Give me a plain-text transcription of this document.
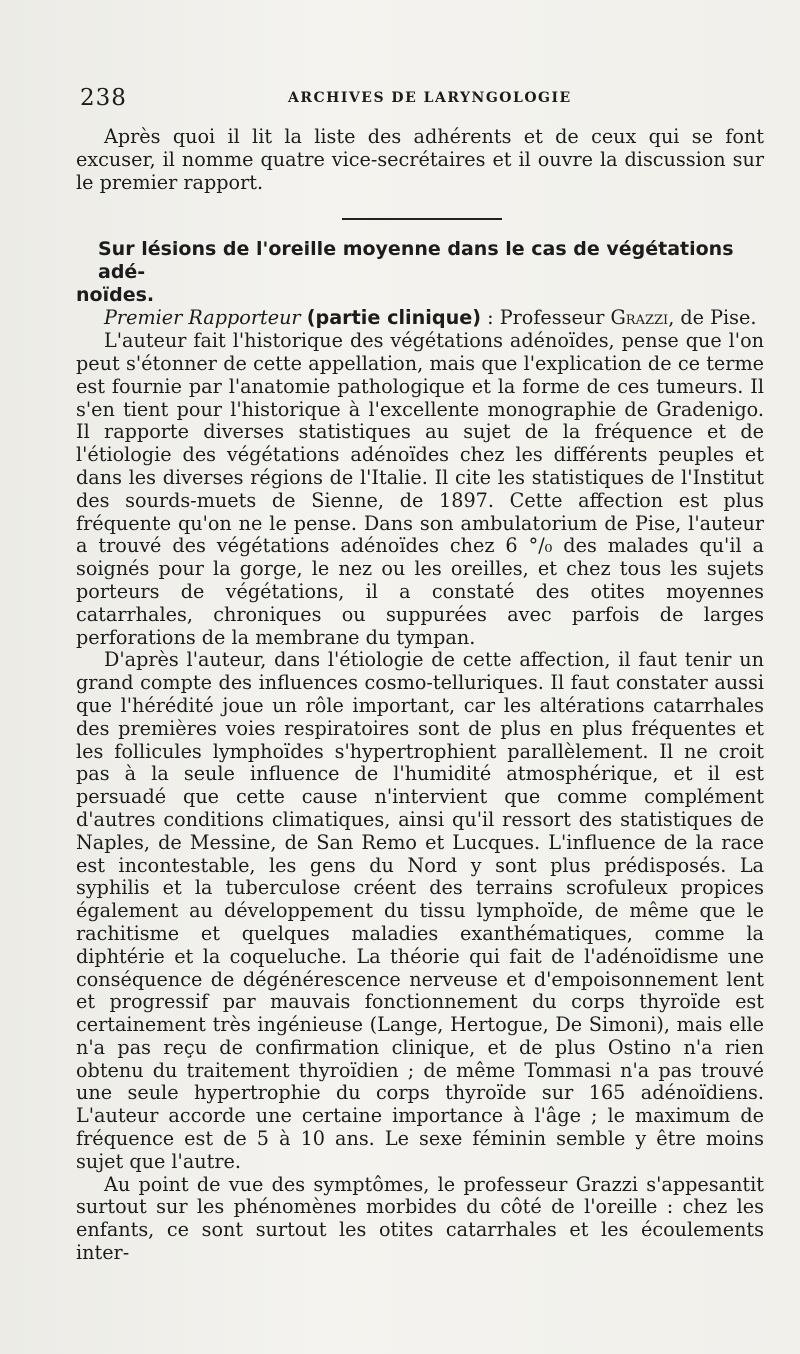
238	ARCHIVES DE LARYNGOLOGIE

Après quoi il lit la liste des adhérents et de ceux qui se font excuser, il nomme quatre vice-secrétaires et il ouvre la discussion sur le premier rapport.

Sur lésions de l'oreille moyenne dans le cas de végétations adé-
noïdes.

Premier Rapporteur (partie clinique) : Professeur Grazzi, de Pise.

L'auteur fait l'historique des végétations adénoïdes, pense que l'on peut s'étonner de cette appellation, mais que l'explication de ce terme est fournie par l'anatomie pathologique et la forme de ces tumeurs. Il s'en tient pour l'historique à l'excellente monographie de Gradenigo. Il rapporte diverses statistiques au sujet de la fréquence et de l'étiologie des végétations adénoïdes chez les différents peuples et dans les diverses régions de l'Italie. Il cite les statistiques de l'Institut des sourds-muets de Sienne, de 1897. Cette affection est plus fréquente qu'on ne le pense. Dans son ambulatorium de Pise, l'auteur a trouvé des végétations adénoïdes chez 6 °/₀ des malades qu'il a soignés pour la gorge, le nez ou les oreilles, et chez tous les sujets porteurs de végétations, il a constaté des otites moyennes catarrhales, chroniques ou suppurées avec parfois de larges perforations de la membrane du tympan.

D'après l'auteur, dans l'étiologie de cette affection, il faut tenir un grand compte des influences cosmo-telluriques. Il faut constater aussi que l'hérédité joue un rôle important, car les altérations catarrhales des premières voies respiratoires sont de plus en plus fréquentes et les follicules lymphoïdes s'hypertrophient parallèlement. Il ne croit pas à la seule influence de l'humidité atmosphérique, et il est persuadé que cette cause n'intervient que comme complément d'autres conditions climatiques, ainsi qu'il ressort des statistiques de Naples, de Messine, de San Remo et Lucques. L'influence de la race est incontestable, les gens du Nord y sont plus prédisposés. La syphilis et la tuberculose créent des terrains scrofuleux propices également au développement du tissu lymphoïde, de même que le rachitisme et quelques maladies exanthématiques, comme la diphtérie et la coqueluche. La théorie qui fait de l'adénoïdisme une conséquence de dégénérescence nerveuse et d'empoisonnement lent et progressif par mauvais fonctionnement du corps thyroïde est certainement très ingénieuse (Lange, Hertogue, De Simoni), mais elle n'a pas reçu de confirmation clinique, et de plus Ostino n'a rien obtenu du traitement thyroïdien ; de même Tommasi n'a pas trouvé une seule hypertrophie du corps thyroïde sur 165 adénoïdiens. L'auteur accorde une certaine importance à l'âge ; le maximum de fréquence est de 5 à 10 ans. Le sexe féminin semble y être moins sujet que l'autre.

Au point de vue des symptômes, le professeur Grazzi s'appesantit surtout sur les phénomènes morbides du côté de l'oreille : chez les enfants, ce sont surtout les otites catarrhales et les écoulements inter-
